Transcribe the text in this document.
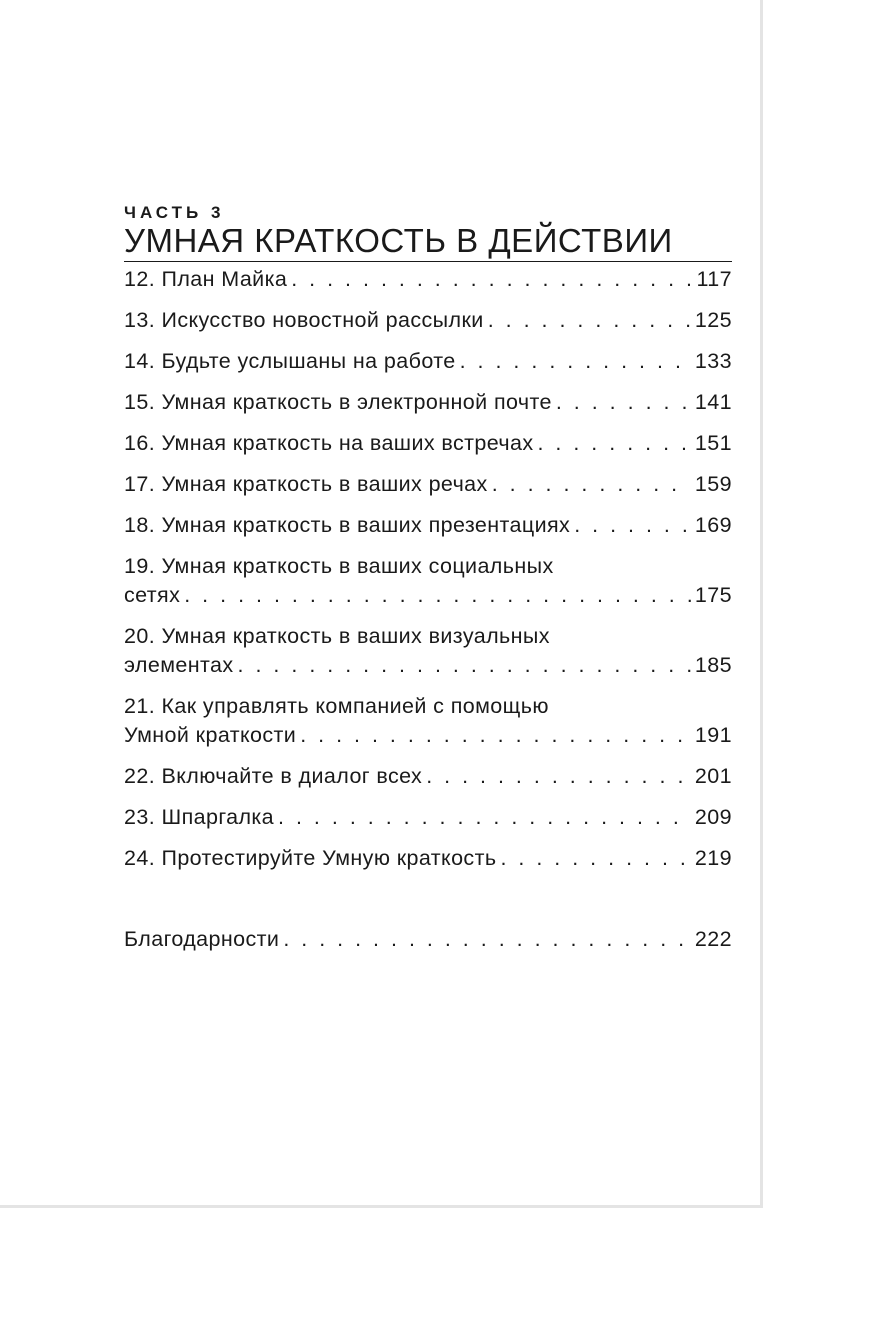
ЧАСТЬ 3
УМНАЯ КРАТКОСТЬ В ДЕЙСТВИИ
12. План Майка . . .	117
13. Искусство новостной рассылки . . .	125
14. Будьте услышаны на работе . . .	133
15. Умная краткость в электронной почте . . .	141
16. Умная краткость на ваших встречах . . .	151
17. Умная краткость в ваших речах . . .	159
18. Умная краткость в ваших презентациях . . .	169
19. Умная краткость в ваших социальных
сетях . . .	175
20. Умная краткость в ваших визуальных
элементах . . .	185
21. Как управлять компанией с помощью
Умной краткости . . .	191
22. Включайте в диалог всех . . .	201
23. Шпаргалка . . .	209
24. Протестируйте Умную краткость . . .	219
Благодарности . . .	222
